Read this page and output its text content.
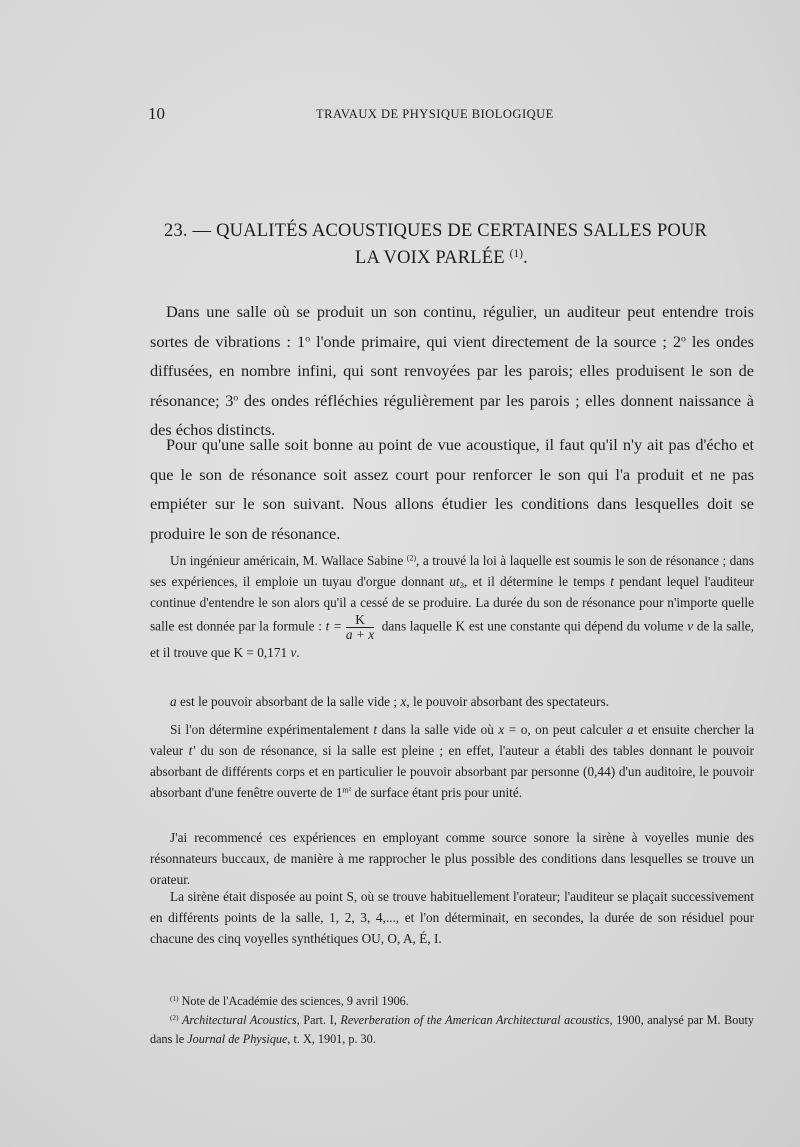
10	TRAVAUX DE PHYSIQUE BIOLOGIQUE
23. — QUALITÉS ACOUSTIQUES DE CERTAINES SALLES POUR
LA VOIX PARLÉE $^{(1)}$.

Dans une salle où se produit un son continu, régulier, un auditeur peut entendre trois sortes de vibrations : 1$^o$ l'onde primaire, qui vient directement de la source ; 2$^o$ les ondes diffusées, en nombre infini, qui sont renvoyées par les parois; elles produisent le son de résonance; 3$^o$ des ondes réfléchies régulièrement par les parois ; elles donnent naissance à des échos distincts.

Pour qu'une salle soit bonne au point de vue acoustique, il faut qu'il n'y ait pas d'écho et que le son de résonance soit assez court pour renforcer le son qui l'a produit et ne pas empiéter sur le son suivant. Nous allons étudier les conditions dans lesquelles doit se produire le son de résonance.

Un ingénieur américain, M. Wallace Sabine $^{(2)}$, a trouvé la loi à laquelle est soumis le son de résonance ; dans ses expériences, il emploie un tuyau d'orgue donnant $ut_3$, et il détermine le temps t pendant lequel l'auditeur continue d'entendre le son alors qu'il a cessé de se produire. La durée du son de résonance pour n'importe quelle salle est donnée par la formule : $t = \frac{K}{a + x}$ dans laquelle K est une constante qui dépend du volume v de la salle, et il trouve que K = 0,171 v.

a est le pouvoir absorbant de la salle vide ; x, le pouvoir absorbant des spectateurs.

Si l'on détermine expérimentalement t dans la salle vide où x = o, on peut calculer a et ensuite chercher la valeur t' du son de résonance, si la salle est pleine ; en effet, l'auteur a établi des tables donnant le pouvoir absorbant de différents corps et en particulier le pouvoir absorbant par personne (0,44) d'un auditoire, le pouvoir absorbant d'une fenêtre ouverte de $1^{m^2}$ de surface étant pris pour unité.

J'ai recommencé ces expériences en employant comme source sonore la sirène à voyelles munie des résonnateurs buccaux, de manière à me rapprocher le plus possible des conditions dans lesquelles se trouve un orateur.

La sirène était disposée au point S, où se trouve habituellement l'orateur; l'auditeur se plaçait successivement en différents points de la salle, 1, 2, 3, 4,..., et l'on déterminait, en secondes, la durée de son résiduel pour chacune des cinq voyelles synthétiques OU, O, A, É, I.

$^{(1)}$ Note de l'Académie des sciences, 9 avril 1906.

$^{(2)}$ Architectural Acoustics, Part. I, Reverberation of the American Architectural acoustics, 1900, analysé par M. Bouty dans le Journal de Physique, t. X, 1901, p. 30.
